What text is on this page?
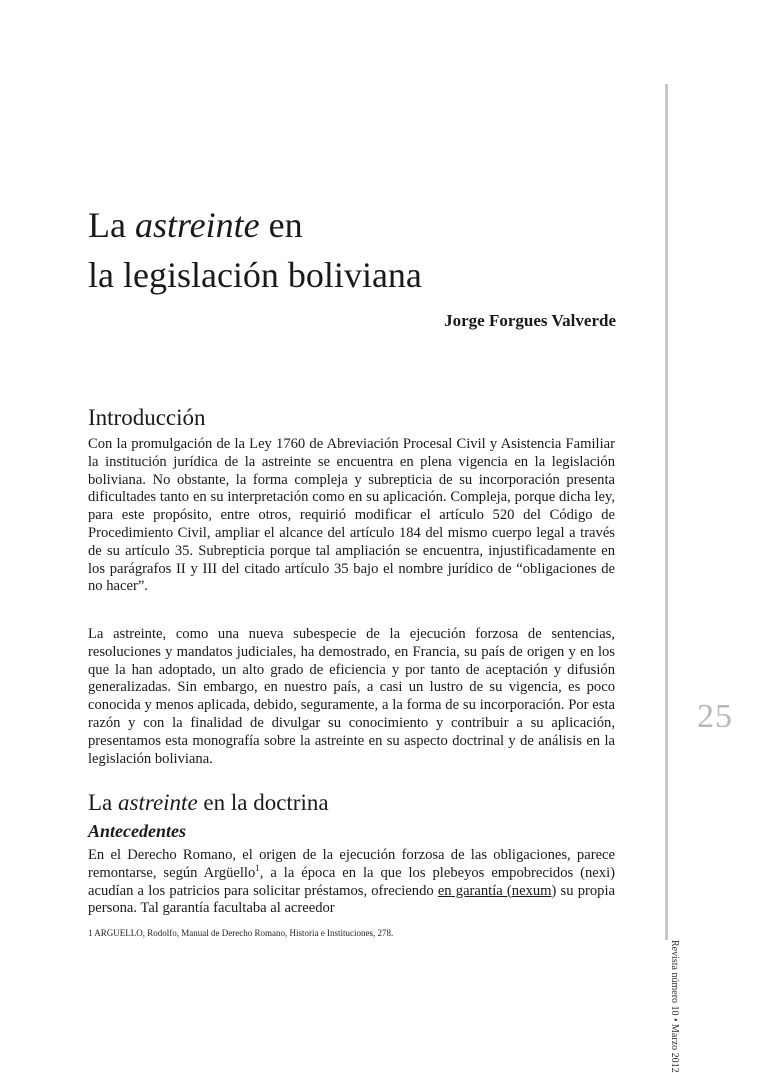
La astreinte en
la legislación boliviana
Jorge Forgues Valverde
Introducción

Con la promulgación de la Ley 1760 de Abreviación Procesal Civil y Asistencia Familiar la institución jurídica de la astreinte se encuentra en plena vigencia en la legislación boliviana. No obstante, la forma compleja y subrepticia de su incorporación presenta dificultades tanto en su interpretación como en su aplicación. Compleja, porque dicha ley, para este propósito, entre otros, requirió modificar el artículo 520 del Código de Procedimiento Civil, ampliar el alcance del artículo 184 del mismo cuerpo legal a través de su artículo 35. Subrepticia porque tal ampliación se encuentra, injustificadamente en los parágrafos II y III del citado artículo 35 bajo el nombre jurídico de “obligaciones de no hacer”.

La astreinte, como una nueva subespecie de la ejecución forzosa de sentencias, resoluciones y mandatos judiciales, ha demostrado, en Francia, su país de origen y en los que la han adoptado, un alto grado de eficiencia y por tanto de aceptación y difusión generalizadas. Sin embargo, en nuestro país, a casi un lustro de su vigencia, es poco conocida y menos aplicada, debido, seguramente, a la forma de su incorporación. Por esta razón y con la finalidad de divulgar su conocimiento y contribuir a su aplicación, presentamos esta monografía sobre la astreinte en su aspecto doctrinal y de análisis en la legislación boliviana.

La astreinte en la doctrina
Antecedentes

En el Derecho Romano, el origen de la ejecución forzosa de las obligaciones, parece remontarse, según Argüello$^1$, a la época en la que los plebeyos empobrecidos (nexi) acudían a los patricios para solicitar préstamos, ofreciendo en garantía (nexum) su propia persona. Tal garantía facultaba al acreedor

1 ARGUELLO, Rodolfo, Manual de Derecho Romano, Historia e Instituciones, 278.
25
Revista número 10 • Marzo 2012
